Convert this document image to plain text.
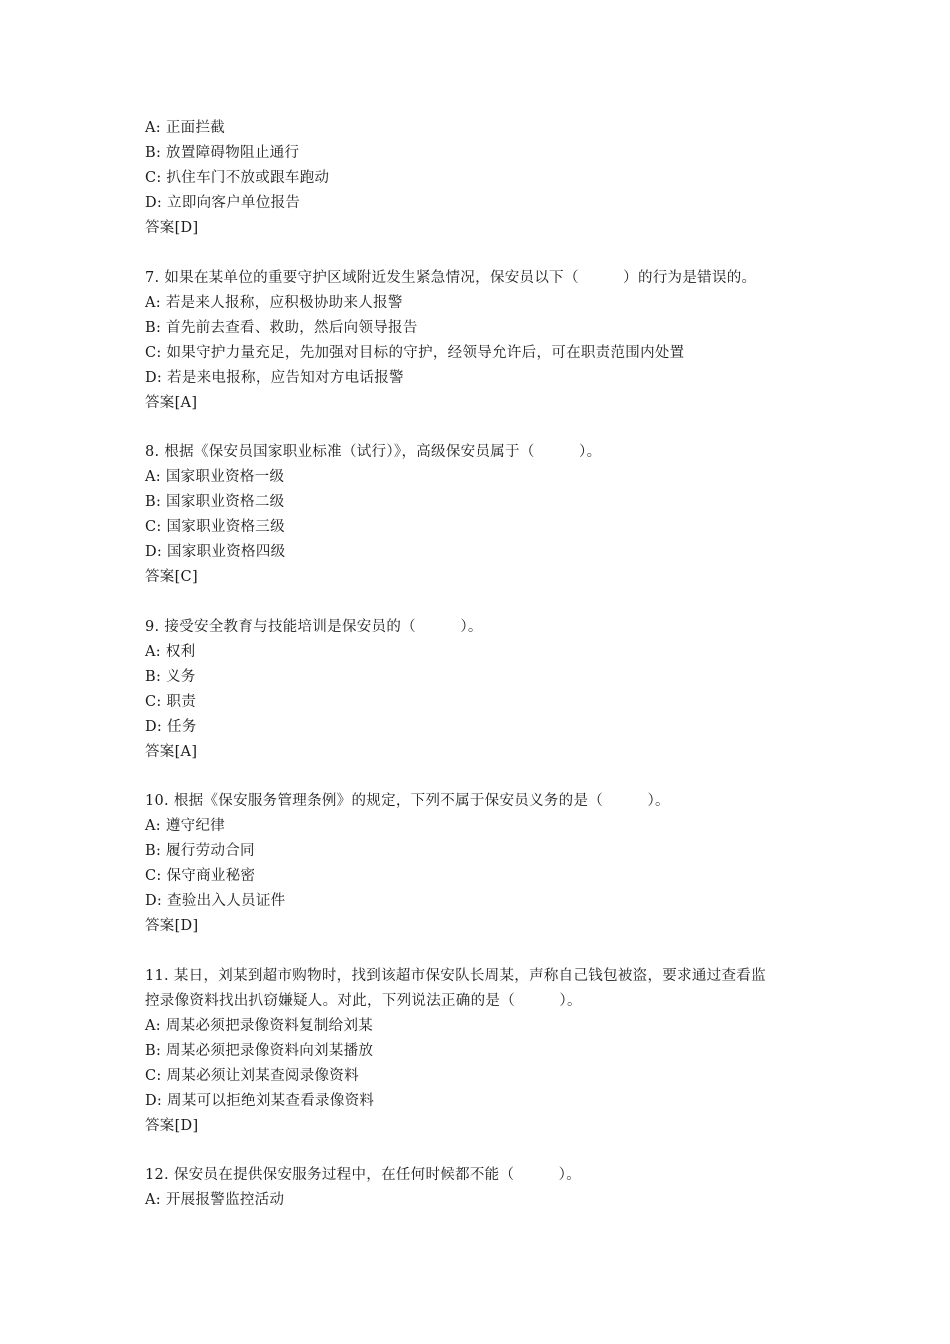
A: 正面拦截
B: 放置障碍物阻止通行
C: 扒住车门不放或跟车跑动
D: 立即向客户单位报告
答案[D]
7. 如果在某单位的重要守护区域附近发生紧急情况，保安员以下（　　　）的行为是错误的。
A: 若是来人报称，应积极协助来人报警
B: 首先前去查看、救助，然后向领导报告
C: 如果守护力量充足，先加强对目标的守护，经领导允许后，可在职责范围内处置
D: 若是来电报称，应告知对方电话报警
答案[A]
8. 根据《保安员国家职业标准（试行）》，高级保安员属于（　　　）。
A: 国家职业资格一级
B: 国家职业资格二级
C: 国家职业资格三级
D: 国家职业资格四级
答案[C]
9. 接受安全教育与技能培训是保安员的（　　　）。
A: 权利
B: 义务
C: 职责
D: 任务
答案[A]
10. 根据《保安服务管理条例》的规定，下列不属于保安员义务的是（　　　）。
A: 遵守纪律
B: 履行劳动合同
C: 保守商业秘密
D: 查验出入人员证件
答案[D]
11. 某日，刘某到超市购物时，找到该超市保安队长周某，声称自己钱包被盗，要求通过查看监
控录像资料找出扒窃嫌疑人。对此，下列说法正确的是（　　　）。
A: 周某必须把录像资料复制给刘某
B: 周某必须把录像资料向刘某播放
C: 周某必须让刘某查阅录像资料
D: 周某可以拒绝刘某查看录像资料
答案[D]
12. 保安员在提供保安服务过程中，在任何时候都不能（　　　）。
A: 开展报警监控活动
